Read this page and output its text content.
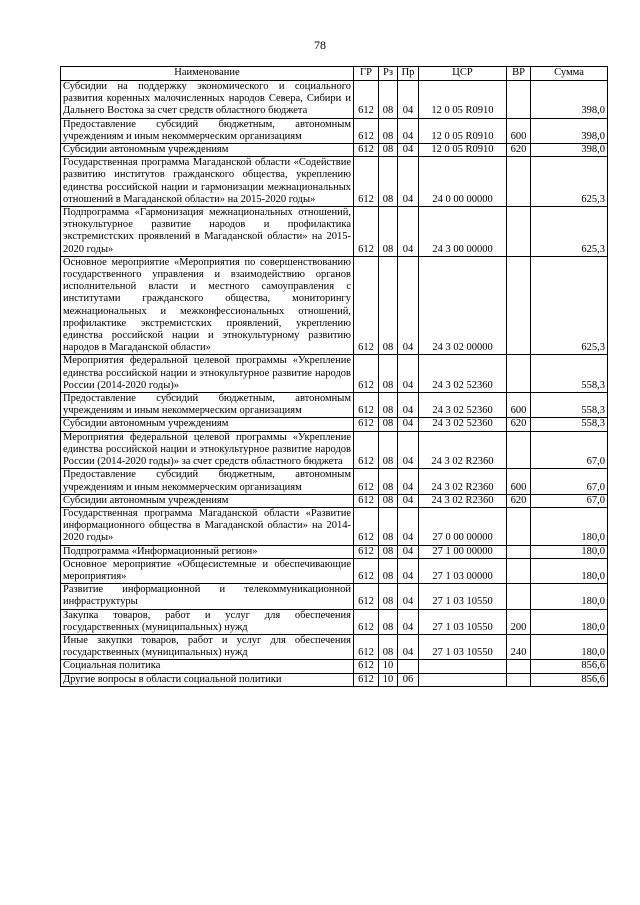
78
Наименование	ГР	Рз	Пр	ЦСР	ВР	Сумма
Субсидии на поддержку экономического и социального развития коренных малочисленных народов Севера, Сибири и Дальнего Востока за счет средств областного бюджета	612	08	04	12 0 05 R0910		398,0
Предоставление субсидий бюджетным, автономным учреждениям и иным некоммерческим организациям	612	08	04	12 0 05 R0910	600	398,0
Субсидии автономным учреждениям	612	08	04	12 0 05 R0910	620	398,0
Государственная программа Магаданской области «Содействие развитию институтов гражданского общества, укреплению единства российской нации и гармонизации межнациональных отношений в Магаданской области» на 2015-2020 годы»	612	08	04	24 0 00 00000		625,3
Подпрограмма «Гармонизация межнациональных отношений, этнокультурное развитие народов и профилактика экстремистских проявлений в Магаданской области» на 2015-2020 годы»	612	08	04	24 3 00 00000		625,3
Основное мероприятие «Мероприятия по совершенствованию государственного управления и взаимодействию органов исполнительной власти и местного самоуправления с институтами гражданского общества, мониторингу межнациональных и межконфессиональных отношений, профилактике экстремистских проявлений, укреплению единства российской нации и этнокультурному развитию народов в Магаданской области»	612	08	04	24 3 02 00000		625,3
Мероприятия федеральной целевой программы «Укрепление единства российской нации и этнокультурное развитие народов России (2014-2020 годы)»	612	08	04	24 3 02 52360		558,3
Предоставление субсидий бюджетным, автономным учреждениям и иным некоммерческим организациям	612	08	04	24 3 02 52360	600	558,3
Субсидии автономным учреждениям	612	08	04	24 3 02 52360	620	558,3
Мероприятия федеральной целевой программы «Укрепление единства российской нации и этнокультурное развитие народов России (2014-2020 годы)» за счет средств областного бюджета	612	08	04	24 3 02 R2360		67,0
Предоставление субсидий бюджетным, автономным учреждениям и иным некоммерческим организациям	612	08	04	24 3 02 R2360	600	67,0
Субсидии автономным учреждениям	612	08	04	24 3 02 R2360	620	67,0
Государственная программа Магаданской области «Развитие информационного общества в Магаданской области» на 2014-2020 годы»	612	08	04	27 0 00 00000		180,0
Подпрограмма «Информационный регион»	612	08	04	27 1 00 00000		180,0
Основное мероприятие «Общесистемные и обеспечивающие мероприятия»	612	08	04	27 1 03 00000		180,0
Развитие информационной и телекоммуникационной инфраструктуры	612	08	04	27 1 03 10550		180,0
Закупка товаров, работ и услуг для обеспечения государственных (муниципальных) нужд	612	08	04	27 1 03 10550	200	180,0
Иные закупки товаров, работ и услуг для обеспечения государственных (муниципальных) нужд	612	08	04	27 1 03 10550	240	180,0
Социальная политика	612	10				856,6
Другие вопросы в области социальной политики	612	10	06			856,6
